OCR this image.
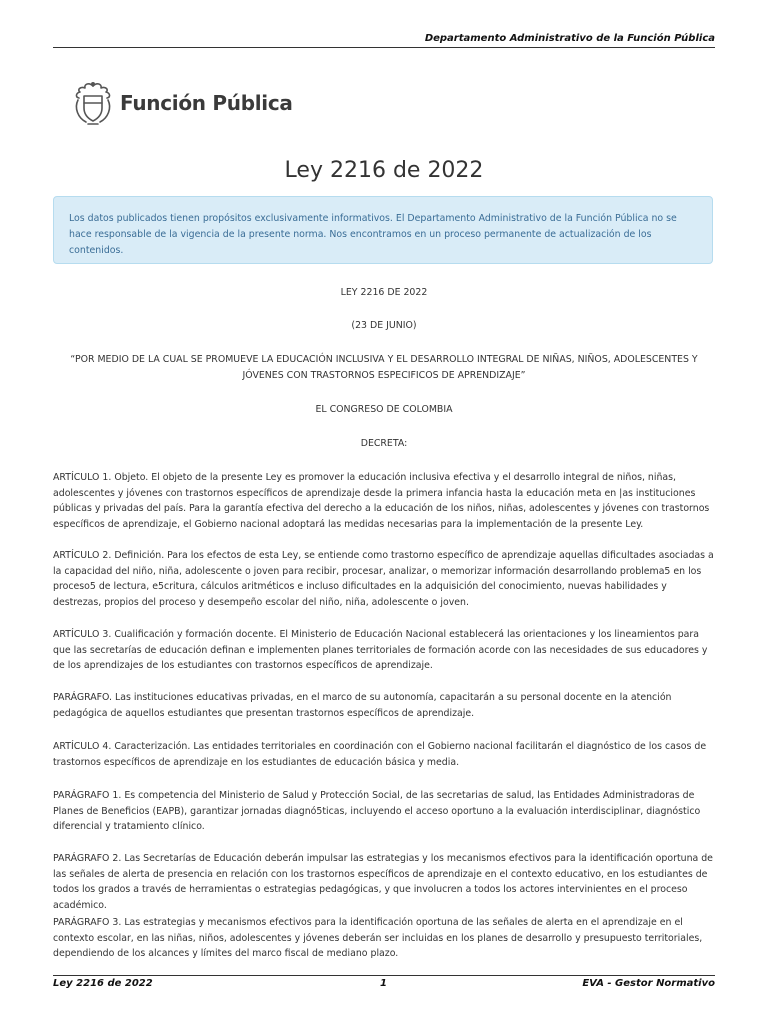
Departamento Administrativo de la Función Pública
Función Pública
Ley 2216 de 2022
Los datos publicados tienen propósitos exclusivamente informativos. El Departamento Administrativo de la Función Pública no se hace responsable de la vigencia de la presente norma. Nos encontramos en un proceso permanente de actualización de los contenidos.
LEY 2216 DE 2022
(23 DE JUNIO)
“POR MEDIO DE LA CUAL SE PROMUEVE LA EDUCACIÓN INCLUSIVA Y EL DESARROLLO INTEGRAL DE NIÑAS, NIÑOS, ADOLESCENTES Y JÓVENES CON TRASTORNOS ESPECIFICOS DE APRENDIZAJE”
EL CONGRESO DE COLOMBIA
DECRETA:
ARTÍCULO 1. Objeto. El objeto de la presente Ley es promover la educación inclusiva efectiva y el desarrollo integral de niños, niñas, adolescentes y jóvenes con trastornos específicos de aprendizaje desde la primera infancia hasta la educación meta en |as instituciones públicas y privadas del país. Para la garantía efectiva del derecho a la educación de los niños, niñas, adolescentes y jóvenes con trastornos específicos de aprendizaje, el Gobierno nacional adoptará las medidas necesarias para la implementación de la presente Ley.
ARTÍCULO 2. Definición. Para los efectos de esta Ley, se entiende como trastorno específico de aprendizaje aquellas dificultades asociadas a la capacidad del niño, niña, adolescente o joven para recibir, procesar, analizar, o memorizar información desarrollando problema5 en los proceso5 de lectura, e5critura, cálculos aritméticos e incluso dificultades en la adquisición del conocimiento, nuevas habilidades y destrezas, propios del proceso y desempeño escolar del niño, niña, adolescente o joven.
ARTÍCULO 3. Cualificación y formación docente. El Ministerio de Educación Nacional establecerá las orientaciones y los lineamientos para que las secretarías de educación definan e implementen planes territoriales de formación acorde con las necesidades de sus educadores y de los aprendizajes de los estudiantes con trastornos específicos de aprendizaje.
PARÁGRAFO. Las instituciones educativas privadas, en el marco de su autonomía, capacitarán a su personal docente en la atención pedagógica de aquellos estudiantes que presentan trastornos específicos de aprendizaje.
ARTÍCULO 4. Caracterización. Las entidades territoriales en coordinación con el Gobierno nacional facilitarán el diagnóstico de los casos de trastornos específicos de aprendizaje en los estudiantes de educación básica y media.
PARÁGRAFO 1. Es competencia del Ministerio de Salud y Protección Social, de las secretarias de salud, las Entidades Administradoras de Planes de Beneficios (EAPB), garantizar jornadas diagnó5ticas, incluyendo el acceso oportuno a la evaluación interdisciplinar, diagnóstico diferencial y tratamiento clínico.
PARÁGRAFO 2. Las Secretarías de Educación deberán impulsar las estrategias y los mecanismos efectivos para la identificación oportuna de las señales de alerta de presencia en relación con los trastornos específicos de aprendizaje en el contexto educativo, en los estudiantes de todos los grados a través de herramientas o estrategias pedagógicas, y que involucren a todos los actores intervinientes en el proceso académico.
PARÁGRAFO 3. Las estrategias y mecanismos efectivos para la identificación oportuna de las señales de alerta en el aprendizaje en el contexto escolar, en las niñas, niños, adolescentes y jóvenes deberán ser incluidas en los planes de desarrollo y presupuesto territoriales, dependiendo de los alcances y límites del marco fiscal de mediano plazo.
Ley 2216 de 2022	1	EVA - Gestor Normativo
